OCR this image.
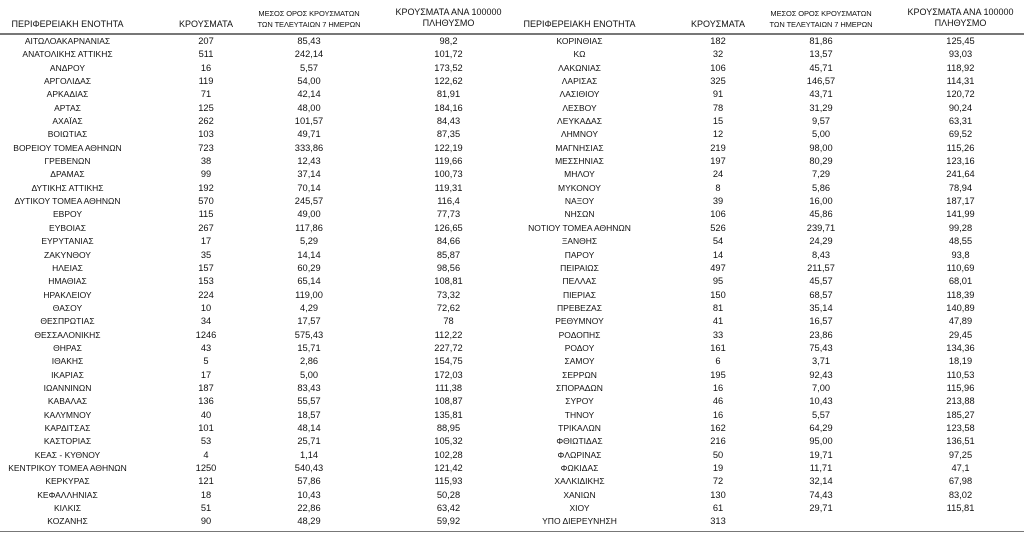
ΠΕΡΙΦΕΡΕΙΑΚΗ ΕΝΟΤΗΤΑ	ΚΡΟΥΣΜΑΤΑ
ΜΕΣΟΣ ΟΡΟΣ ΚΡΟΥΣΜΑΤΩΝ
ΤΩΝ ΤΕΛΕΥΤΑΙΩΝ 7 ΗΜΕΡΩΝ
ΚΡΟΥΣΜΑΤΑ ΑΝΑ 100000
ΠΛΗΘΥΣΜΟ
ΑΙΤΩΛΟΑΚΑΡΝΑΝΙΑΣ	207	85,43	98,2
ΑΝΑΤΟΛΙΚΗΣ ΑΤΤΙΚΗΣ	511	242,14	101,72
ΑΝΔΡΟΥ	16	5,57	173,52
ΑΡΓΟΛΙΔΑΣ	119	54,00	122,62
ΑΡΚΑΔΙΑΣ	71	42,14	81,91
ΑΡΤΑΣ	125	48,00	184,16
ΑΧΑΪΑΣ	262	101,57	84,43
ΒΟΙΩΤΙΑΣ	103	49,71	87,35
ΒΟΡΕΙΟΥ ΤΟΜΕΑ ΑΘΗΝΩΝ	723	333,86	122,19
ΓΡΕΒΕΝΩΝ	38	12,43	119,66
ΔΡΑΜΑΣ	99	37,14	100,73
ΔΥΤΙΚΗΣ ΑΤΤΙΚΗΣ	192	70,14	119,31
ΔΥΤΙΚΟΥ ΤΟΜΕΑ ΑΘΗΝΩΝ	570	245,57	116,4
ΕΒΡΟΥ	115	49,00	77,73
ΕΥΒΟΙΑΣ	267	117,86	126,65
ΕΥΡΥΤΑΝΙΑΣ	17	5,29	84,66
ΖΑΚΥΝΘΟΥ	35	14,14	85,87
ΗΛΕΙΑΣ	157	60,29	98,56
ΗΜΑΘΙΑΣ	153	65,14	108,81
ΗΡΑΚΛΕΙΟΥ	224	119,00	73,32
ΘΑΣΟΥ	10	4,29	72,62
ΘΕΣΠΡΩΤΙΑΣ	34	17,57	78
ΘΕΣΣΑΛΟΝΙΚΗΣ	1246	575,43	112,22
ΘΗΡΑΣ	43	15,71	227,72
ΙΘΑΚΗΣ	5	2,86	154,75
ΙΚΑΡΙΑΣ	17	5,00	172,03
ΙΩΑΝΝΙΝΩΝ	187	83,43	111,38
ΚΑΒΑΛΑΣ	136	55,57	108,87
ΚΑΛΥΜΝΟΥ	40	18,57	135,81
ΚΑΡΔΙΤΣΑΣ	101	48,14	88,95
ΚΑΣΤΟΡΙΑΣ	53	25,71	105,32
ΚΕΑΣ - ΚΥΘΝΟΥ	4	1,14	102,28
ΚΕΝΤΡΙΚΟΥ ΤΟΜΕΑ ΑΘΗΝΩΝ	1250	540,43	121,42
ΚΕΡΚΥΡΑΣ	121	57,86	115,93
ΚΕΦΑΛΛΗΝΙΑΣ	18	10,43	50,28
ΚΙΛΚΙΣ	51	22,86	63,42
ΚΟΖΑΝΗΣ	90	48,29	59,92
ΠΕΡΙΦΕΡΕΙΑΚΗ ΕΝΟΤΗΤΑ	ΚΡΟΥΣΜΑΤΑ
ΜΕΣΟΣ ΟΡΟΣ ΚΡΟΥΣΜΑΤΩΝ
ΤΩΝ ΤΕΛΕΥΤΑΙΩΝ 7 ΗΜΕΡΩΝ
ΚΡΟΥΣΜΑΤΑ ΑΝΑ 100000
ΠΛΗΘΥΣΜΟ
ΚΟΡΙΝΘΙΑΣ	182	81,86	125,45
ΚΩ	32	13,57	93,03
ΛΑΚΩΝΙΑΣ	106	45,71	118,92
ΛΑΡΙΣΑΣ	325	146,57	114,31
ΛΑΣΙΘΙΟΥ	91	43,71	120,72
ΛΕΣΒΟΥ	78	31,29	90,24
ΛΕΥΚΑΔΑΣ	15	9,57	63,31
ΛΗΜΝΟΥ	12	5,00	69,52
ΜΑΓΝΗΣΙΑΣ	219	98,00	115,26
ΜΕΣΣΗΝΙΑΣ	197	80,29	123,16
ΜΗΛΟΥ	24	7,29	241,64
ΜΥΚΟΝΟΥ	8	5,86	78,94
ΝΑΞΟΥ	39	16,00	187,17
ΝΗΣΩΝ	106	45,86	141,99
ΝΟΤΙΟΥ ΤΟΜΕΑ ΑΘΗΝΩΝ	526	239,71	99,28
ΞΑΝΘΗΣ	54	24,29	48,55
ΠΑΡΟΥ	14	8,43	93,8
ΠΕΙΡΑΙΩΣ	497	211,57	110,69
ΠΕΛΛΑΣ	95	45,57	68,01
ΠΙΕΡΙΑΣ	150	68,57	118,39
ΠΡΕΒΕΖΑΣ	81	35,14	140,89
ΡΕΘΥΜΝΟΥ	41	16,57	47,89
ΡΟΔΟΠΗΣ	33	23,86	29,45
ΡΟΔΟΥ	161	75,43	134,36
ΣΑΜΟΥ	6	3,71	18,19
ΣΕΡΡΩΝ	195	92,43	110,53
ΣΠΟΡΑΔΩΝ	16	7,00	115,96
ΣΥΡΟΥ	46	10,43	213,88
ΤΗΝΟΥ	16	5,57	185,27
ΤΡΙΚΑΛΩΝ	162	64,29	123,58
ΦΘΙΩΤΙΔΑΣ	216	95,00	136,51
ΦΛΩΡΙΝΑΣ	50	19,71	97,25
ΦΩΚΙΔΑΣ	19	11,71	47,1
ΧΑΛΚΙΔΙΚΗΣ	72	32,14	67,98
ΧΑΝΙΩΝ	130	74,43	83,02
ΧΙΟΥ	61	29,71	115,81
ΥΠΟ ΔΙΕΡΕΥΝΗΣΗ	313
